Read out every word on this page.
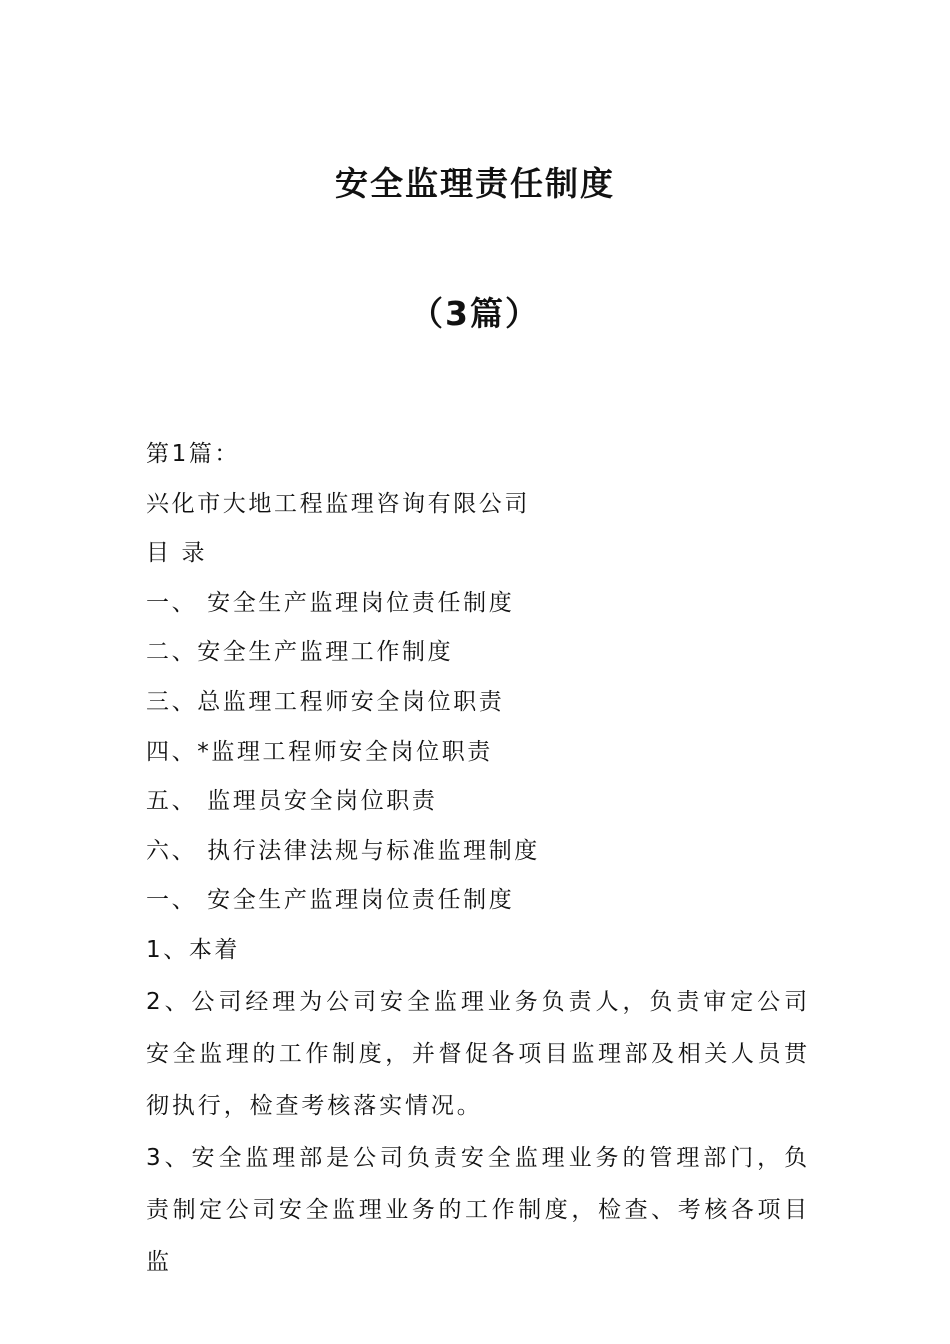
安全监理责任制度
（3篇）

第1篇：

兴化市大地工程监理咨询有限公司

目 录

一、 安全生产监理岗位责任制度

二、安全生产监理工作制度

三、总监理工程师安全岗位职责

四、*监理工程师安全岗位职责

五、 监理员安全岗位职责

六、 执行法律法规与标准监理制度

一、 安全生产监理岗位责任制度

1、本着

2、公司经理为公司安全监理业务负责人，负责审定公司安全监理的工作制度，并督促各项目监理部及相关人员贯彻执行，检查考核落实情况。

3、安全监理部是公司负责安全监理业务的管理部门，负责制定公司安全监理业务的工作制度，检查、考核各项目监
